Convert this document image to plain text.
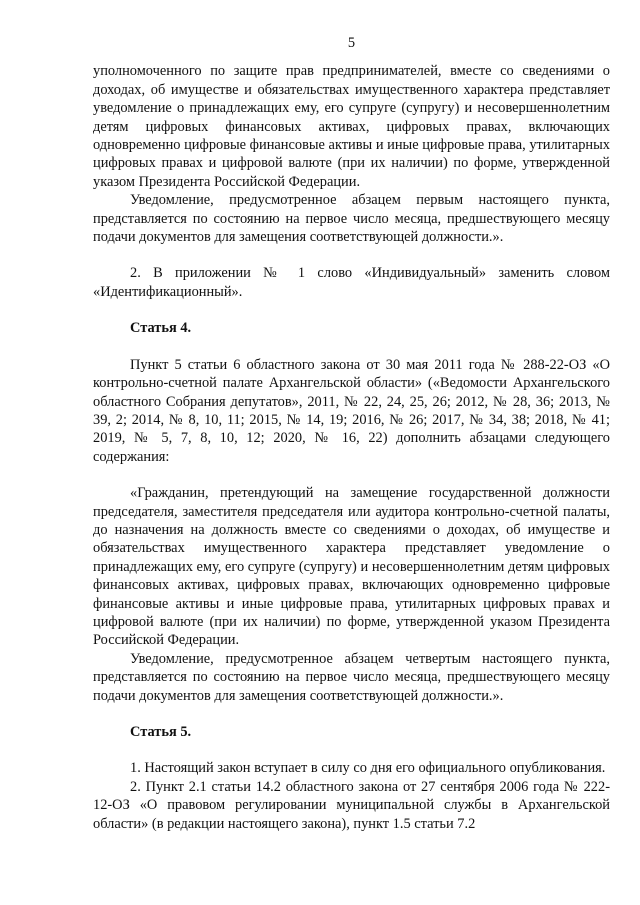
5

уполномоченного по защите прав предпринимателей, вместе со сведениями о доходах, об имуществе и обязательствах имущественного характера представляет уведомление о принадлежащих ему, его супруге (супругу) и несовершеннолетним детям цифровых финансовых активах, цифровых правах, включающих одновременно цифровые финансовые активы и иные цифровые права, утилитарных цифровых правах и цифровой валюте (при их наличии) по форме, утвержденной указом Президента Российской Федерации.

Уведомление, предусмотренное абзацем первым настоящего пункта, представляется по состоянию на первое число месяца, предшествующего месяцу подачи документов для замещения соответствующей должности.».

2. В приложении № 1 слово «Индивидуальный» заменить словом «Идентификационный».

Статья 4.

Пункт 5 статьи 6 областного закона от 30 мая 2011 года № 288-22-ОЗ «О контрольно-счетной палате Архангельской области» («Ведомости Архангельского областного Собрания депутатов», 2011, № 22, 24, 25, 26; 2012, № 28, 36; 2013, № 39, 2; 2014, № 8, 10, 11; 2015, № 14, 19; 2016, № 26; 2017, № 34, 38; 2018, № 41; 2019, № 5, 7, 8, 10, 12; 2020, № 16, 22) дополнить абзацами следующего содержания:

«Гражданин, претендующий на замещение государственной должности председателя, заместителя председателя или аудитора контрольно-счетной палаты, до назначения на должность вместе со сведениями о доходах, об имуществе и обязательствах имущественного характера представляет уведомление о принадлежащих ему, его супруге (супругу) и несовершеннолетним детям цифровых финансовых активах, цифровых правах, включающих одновременно цифровые финансовые активы и иные цифровые права, утилитарных цифровых правах и цифровой валюте (при их наличии) по форме, утвержденной указом Президента Российской Федерации.

Уведомление, предусмотренное абзацем четвертым настоящего пункта, представляется по состоянию на первое число месяца, предшествующего месяцу подачи документов для замещения соответствующей должности.».

Статья 5.

1. Настоящий закон вступает в силу со дня его официального опубликования.

2. Пункт 2.1 статьи 14.2 областного закона от 27 сентября 2006 года № 222-12-ОЗ «О правовом регулировании муниципальной службы в Архангельской области» (в редакции настоящего закона), пункт 1.5 статьи 7.2
